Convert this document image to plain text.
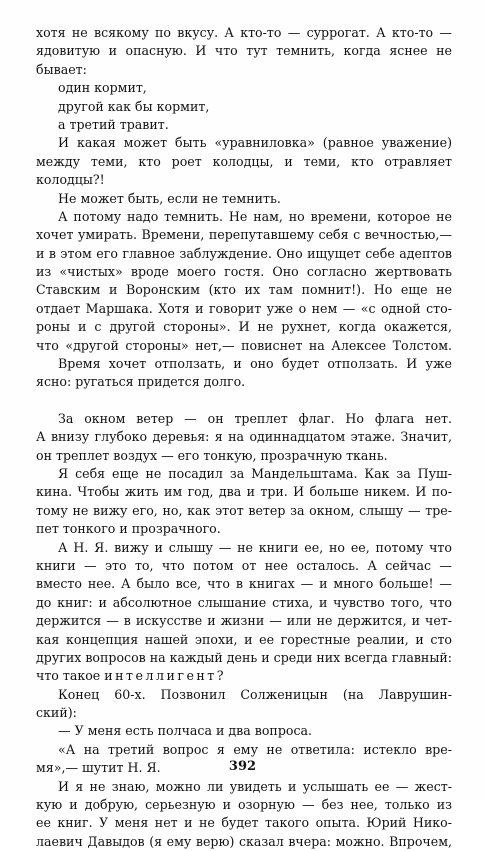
хотя не всякому по вкусу. А кто-то — суррогат. А кто-то —
ядовитую и опасную. И что тут темнить, когда яснее не
бывает:
один кормит,
другой как бы кормит,
а третий травит.
И какая может быть «уравниловка» (равное уважение)
между теми, кто роет колодцы, и теми, кто отравляет
колодцы?!
Не может быть, если не темнить.
А потому надо темнить. Не нам, но времени, которое не
хочет умирать. Времени, перепутавшему себя с вечностью,—
и в этом его главное заблуждение. Оно ищущет себе адептов
из «чистых» вроде моего гостя. Оно согласно жертвовать
Ставским и Воронским (кто их там помнит!). Но еще не
отдает Маршака. Хотя и говорит уже о нем — «с одной сто-
роны и с другой стороны». И не рухнет, когда окажется,
что «другой стороны» нет,— повиснет на Алексее Толстом.
Время хочет отползать, и оно будет отползать. И уже
ясно: ругаться придется долго.
За окном ветер — он треплет флаг. Но флага нет.
А внизу глубоко деревья: я на одиннадцатом этаже. Значит,
он треплет воздух — его тонкую, прозрачную ткань.
Я себя еще не посадил за Мандельштама. Как за Пуш-
кина. Чтобы жить им год, два и три. И больше никем. И по-
тому не вижу его, но, как этот ветер за окном, слышу — тре-
пет тонкого и прозрачного.
А Н. Я. вижу и слышу — не книги ее, но ее, потому что
книги — это то, что потом от нее осталось. А сейчас —
вместо нее. А было все, что в книгах — и много больше! —
до книг: и абсолютное слышание стиха, и чувство того, что
держится — в искусстве и жизни — или не держится, и чет-
кая концепция нашей эпохи, и ее горестные реалии, и сто
других вопросов на каждый день и среди них всегда главный:
что такое интеллигент?
Конец 60-х. Позвонил Солженицын (на Лаврушин-
ский):
— У меня есть полчаса и два вопроса.
«А на третий вопрос я ему не ответила: истекло вре-
мя»,— шутит Н. Я.
И я не знаю, можно ли увидеть и услышать ее — жест-
кую и добрую, серьезную и озорную — без нее, только из
ее книг. У меня нет и не будет такого опыта. Юрий Нико-
лаевич Давыдов (я ему верю) сказал вчера: можно. Впрочем,
392
